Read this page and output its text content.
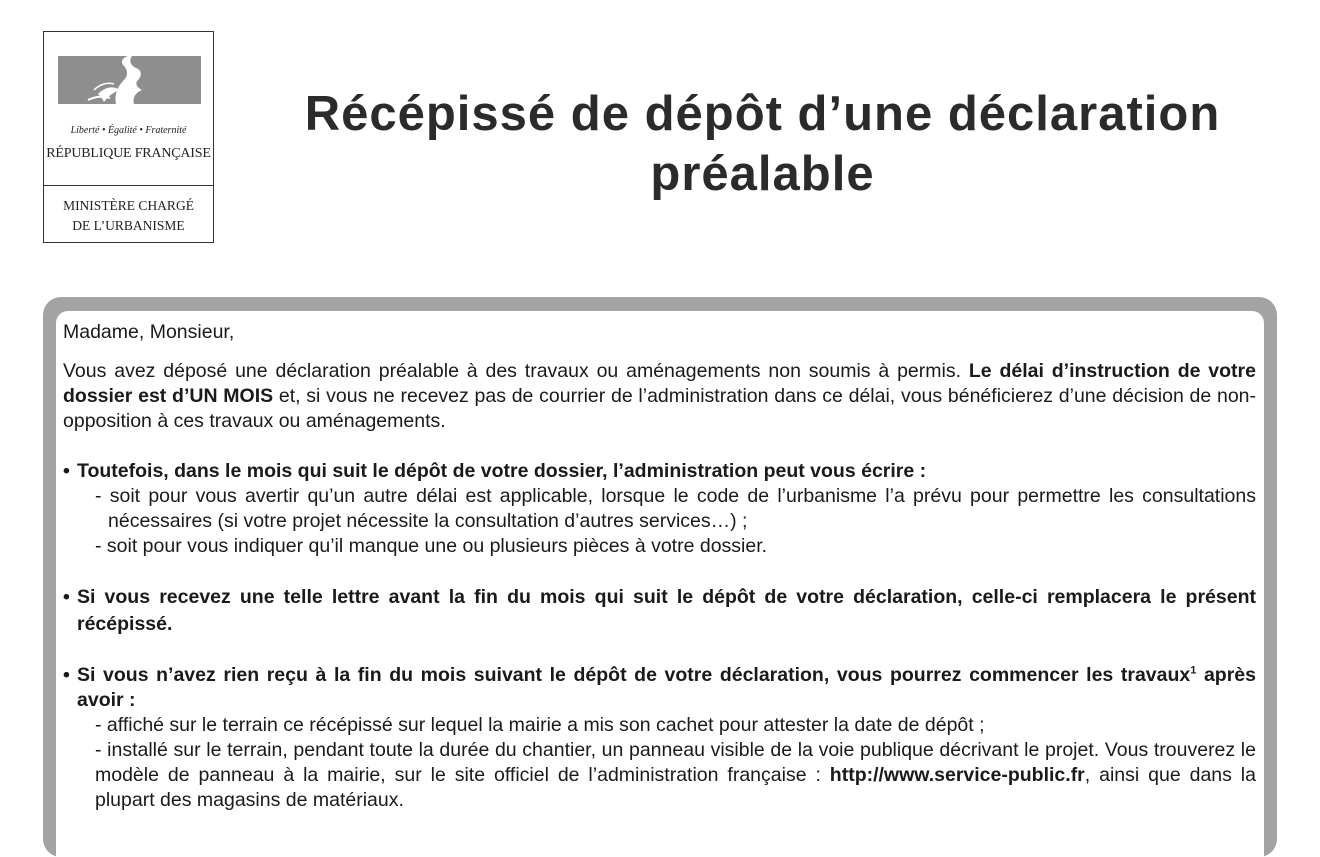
Liberté • Égalité • Fraternité
RÉPUBLIQUE FRANÇAISE
MINISTÈRE CHARGÉ
DE L’URBANISME
Récépissé de dépôt d’une déclaration
préalable

Madame, Monsieur,

Vous avez déposé une déclaration préalable à des travaux ou aménagements non soumis à permis. Le délai d’instruction de votre dossier est d’UN MOIS et, si vous ne recevez pas de courrier de l’administration dans ce délai, vous bénéficierez d’une décision de non-opposition à ces travaux ou aménagements.

• Toutefois, dans le mois qui suit le dépôt de votre dossier, l’administration peut vous écrire :

- soit pour vous avertir qu’un autre délai est applicable, lorsque le code de l’urbanisme l’a prévu pour permettre les consultations nécessaires (si votre projet nécessite la consultation d’autres services…) ;

- soit pour vous indiquer qu’il manque une ou plusieurs pièces à votre dossier.

• Si vous recevez une telle lettre avant la fin du mois qui suit le dépôt de votre déclaration, celle-ci remplacera le présent récépissé.
• Si vous n’avez rien reçu à la fin du mois suivant le dépôt de votre déclaration, vous pourrez commencer les travaux$^1$ après avoir :

- affiché sur le terrain ce récépissé sur lequel la mairie a mis son cachet pour attester la date de dépôt ;

- installé sur le terrain, pendant toute la durée du chantier, un panneau visible de la voie publique décrivant le projet. Vous trouverez le modèle de panneau à la mairie, sur le site officiel de l’administration française : http://www.service-public.fr, ainsi que dans la plupart des magasins de matériaux.
